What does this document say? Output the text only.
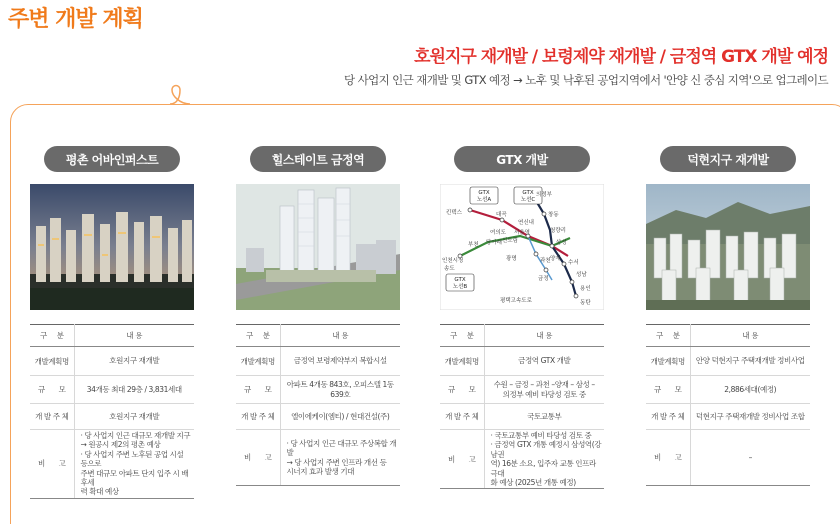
주변 개발 계획
호원지구 재개발 / 보령제약 재개발 / 금정역 GTX 개발 예정
당 사업지 인근 재개발 및 GTX 예정 → 노후 및 낙후된 공업지역에서 '안양 신 중심 지역'으로 업그레이드
평촌 어바인퍼스트
구     분	내 용
개발계획명	호원지구 재개발
규       모	34개동 최대 29층 / 3,831세대
개 발 주 체	호원지구 재개발
비       고	· 당 사업지 인근 대규모 재개발 지구
→ 원공시 제2의 평촌 예상
· 당 사업지 주변 노후된 공업 시설 등으로
주변 대규모 아파트 단지 입주 시 배후세
력 확대 예상
힐스테이트 금정역
구     분	내 용
개발계획명	금정역 보령제약부지 복합시설
규       모	아파트 4개동 843호, 오피스텔 1동 639호
개 발 주 체	엘이에케이(엠티) / 현대건설(주)
비       고	· 당 사업지 인근 대규모 주상복합 개발
→ 당 사업지 주변 인프라 개선 등
시너지 효과 발생 기대
GTX 개발
GTX
노선A
GTX
노선C
GTX
노선B
의정부
킨텍스	대곡	창동
연신내
청량리
서울역
여의도
삼성
부천 당아래 신도림
수서
인천시청	양재
성남
송도
광명	과천
금정
용인
동탄
평택고속도로
구     분	내 용
개발계획명	금정역 GTX 개발
규       모	수원 – 금정 – 과천 –양재 – 삼성 –
의정부 예비 타당성 검토 중
개 발 주 체	국토교통부
비       고	· 국토교통부 예비 타당성 검토 중
· 금정역 GTX 개통 예정시 삼성역(강남권
역) 16분 소요, 입주자 교통 인프라 극대
화 예상 (2025년 개통 예정)
덕현지구 재개발
구     분	내 용
개발계획명	안양 덕현지구 주택재개발 정비사업
규       모	2,886세대(예정)
개 발 주 체	덕현지구 주택재개발 정비사업 조합
비       고	–
